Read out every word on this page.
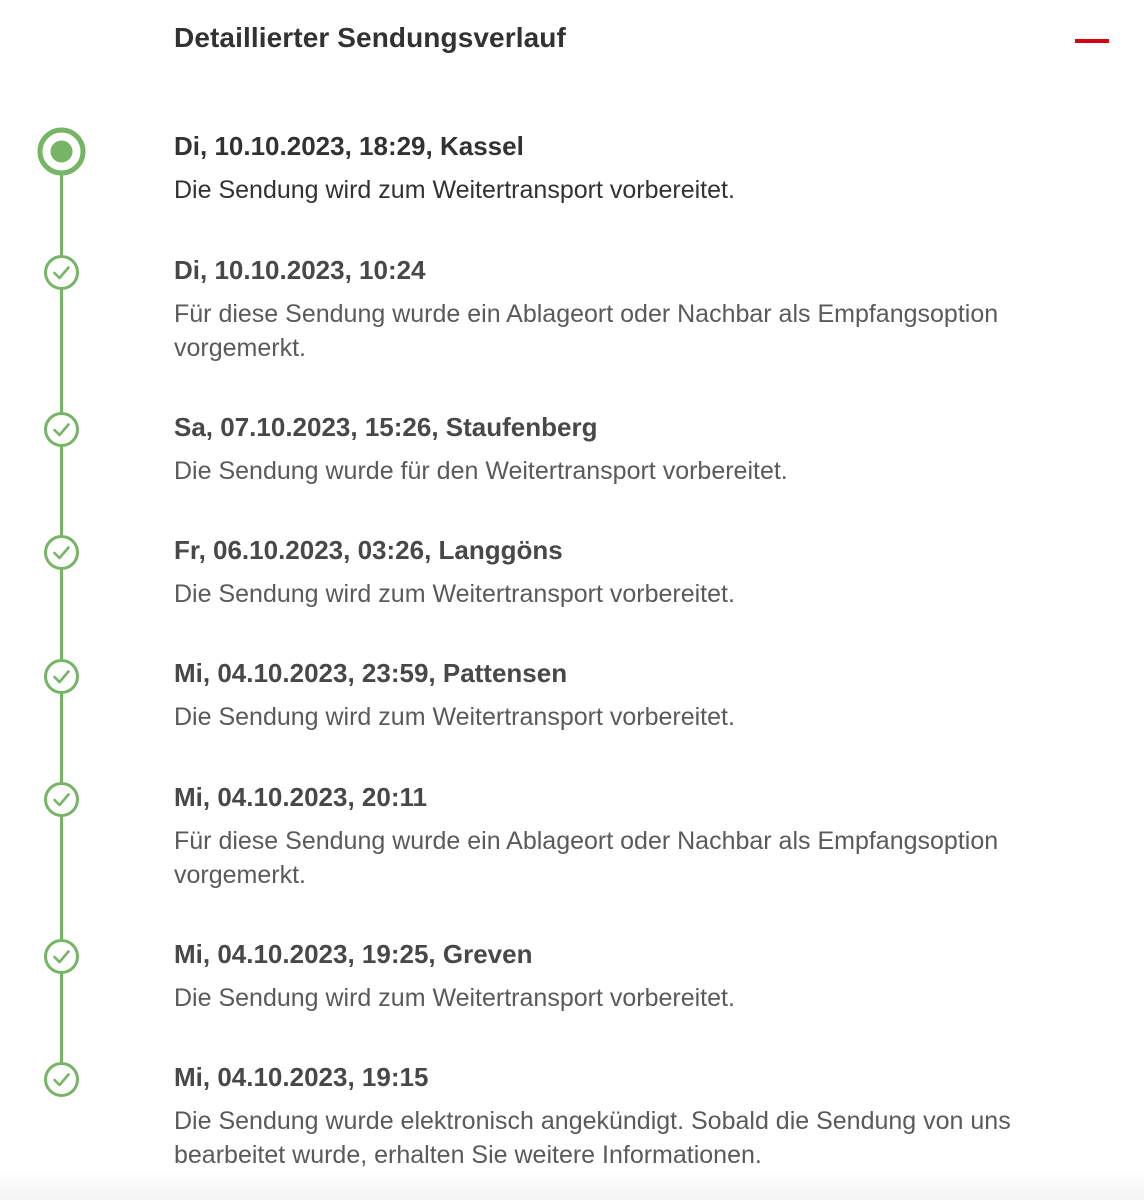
Detaillierter Sendungsverlauf
Di, 10.10.2023, 18:29, Kassel
Die Sendung wird zum Weitertransport vorbereitet.
Di, 10.10.2023, 10:24
Für diese Sendung wurde ein Ablageort oder Nachbar als Empfangsoption vorgemerkt.
Sa, 07.10.2023, 15:26, Staufenberg
Die Sendung wurde für den Weitertransport vorbereitet.
Fr, 06.10.2023, 03:26, Langgöns
Die Sendung wird zum Weitertransport vorbereitet.
Mi, 04.10.2023, 23:59, Pattensen
Die Sendung wird zum Weitertransport vorbereitet.
Mi, 04.10.2023, 20:11
Für diese Sendung wurde ein Ablageort oder Nachbar als Empfangsoption vorgemerkt.
Mi, 04.10.2023, 19:25, Greven
Die Sendung wird zum Weitertransport vorbereitet.
Mi, 04.10.2023, 19:15
Die Sendung wurde elektronisch angekündigt. Sobald die Sendung von uns bearbeitet wurde, erhalten Sie weitere Informationen.
